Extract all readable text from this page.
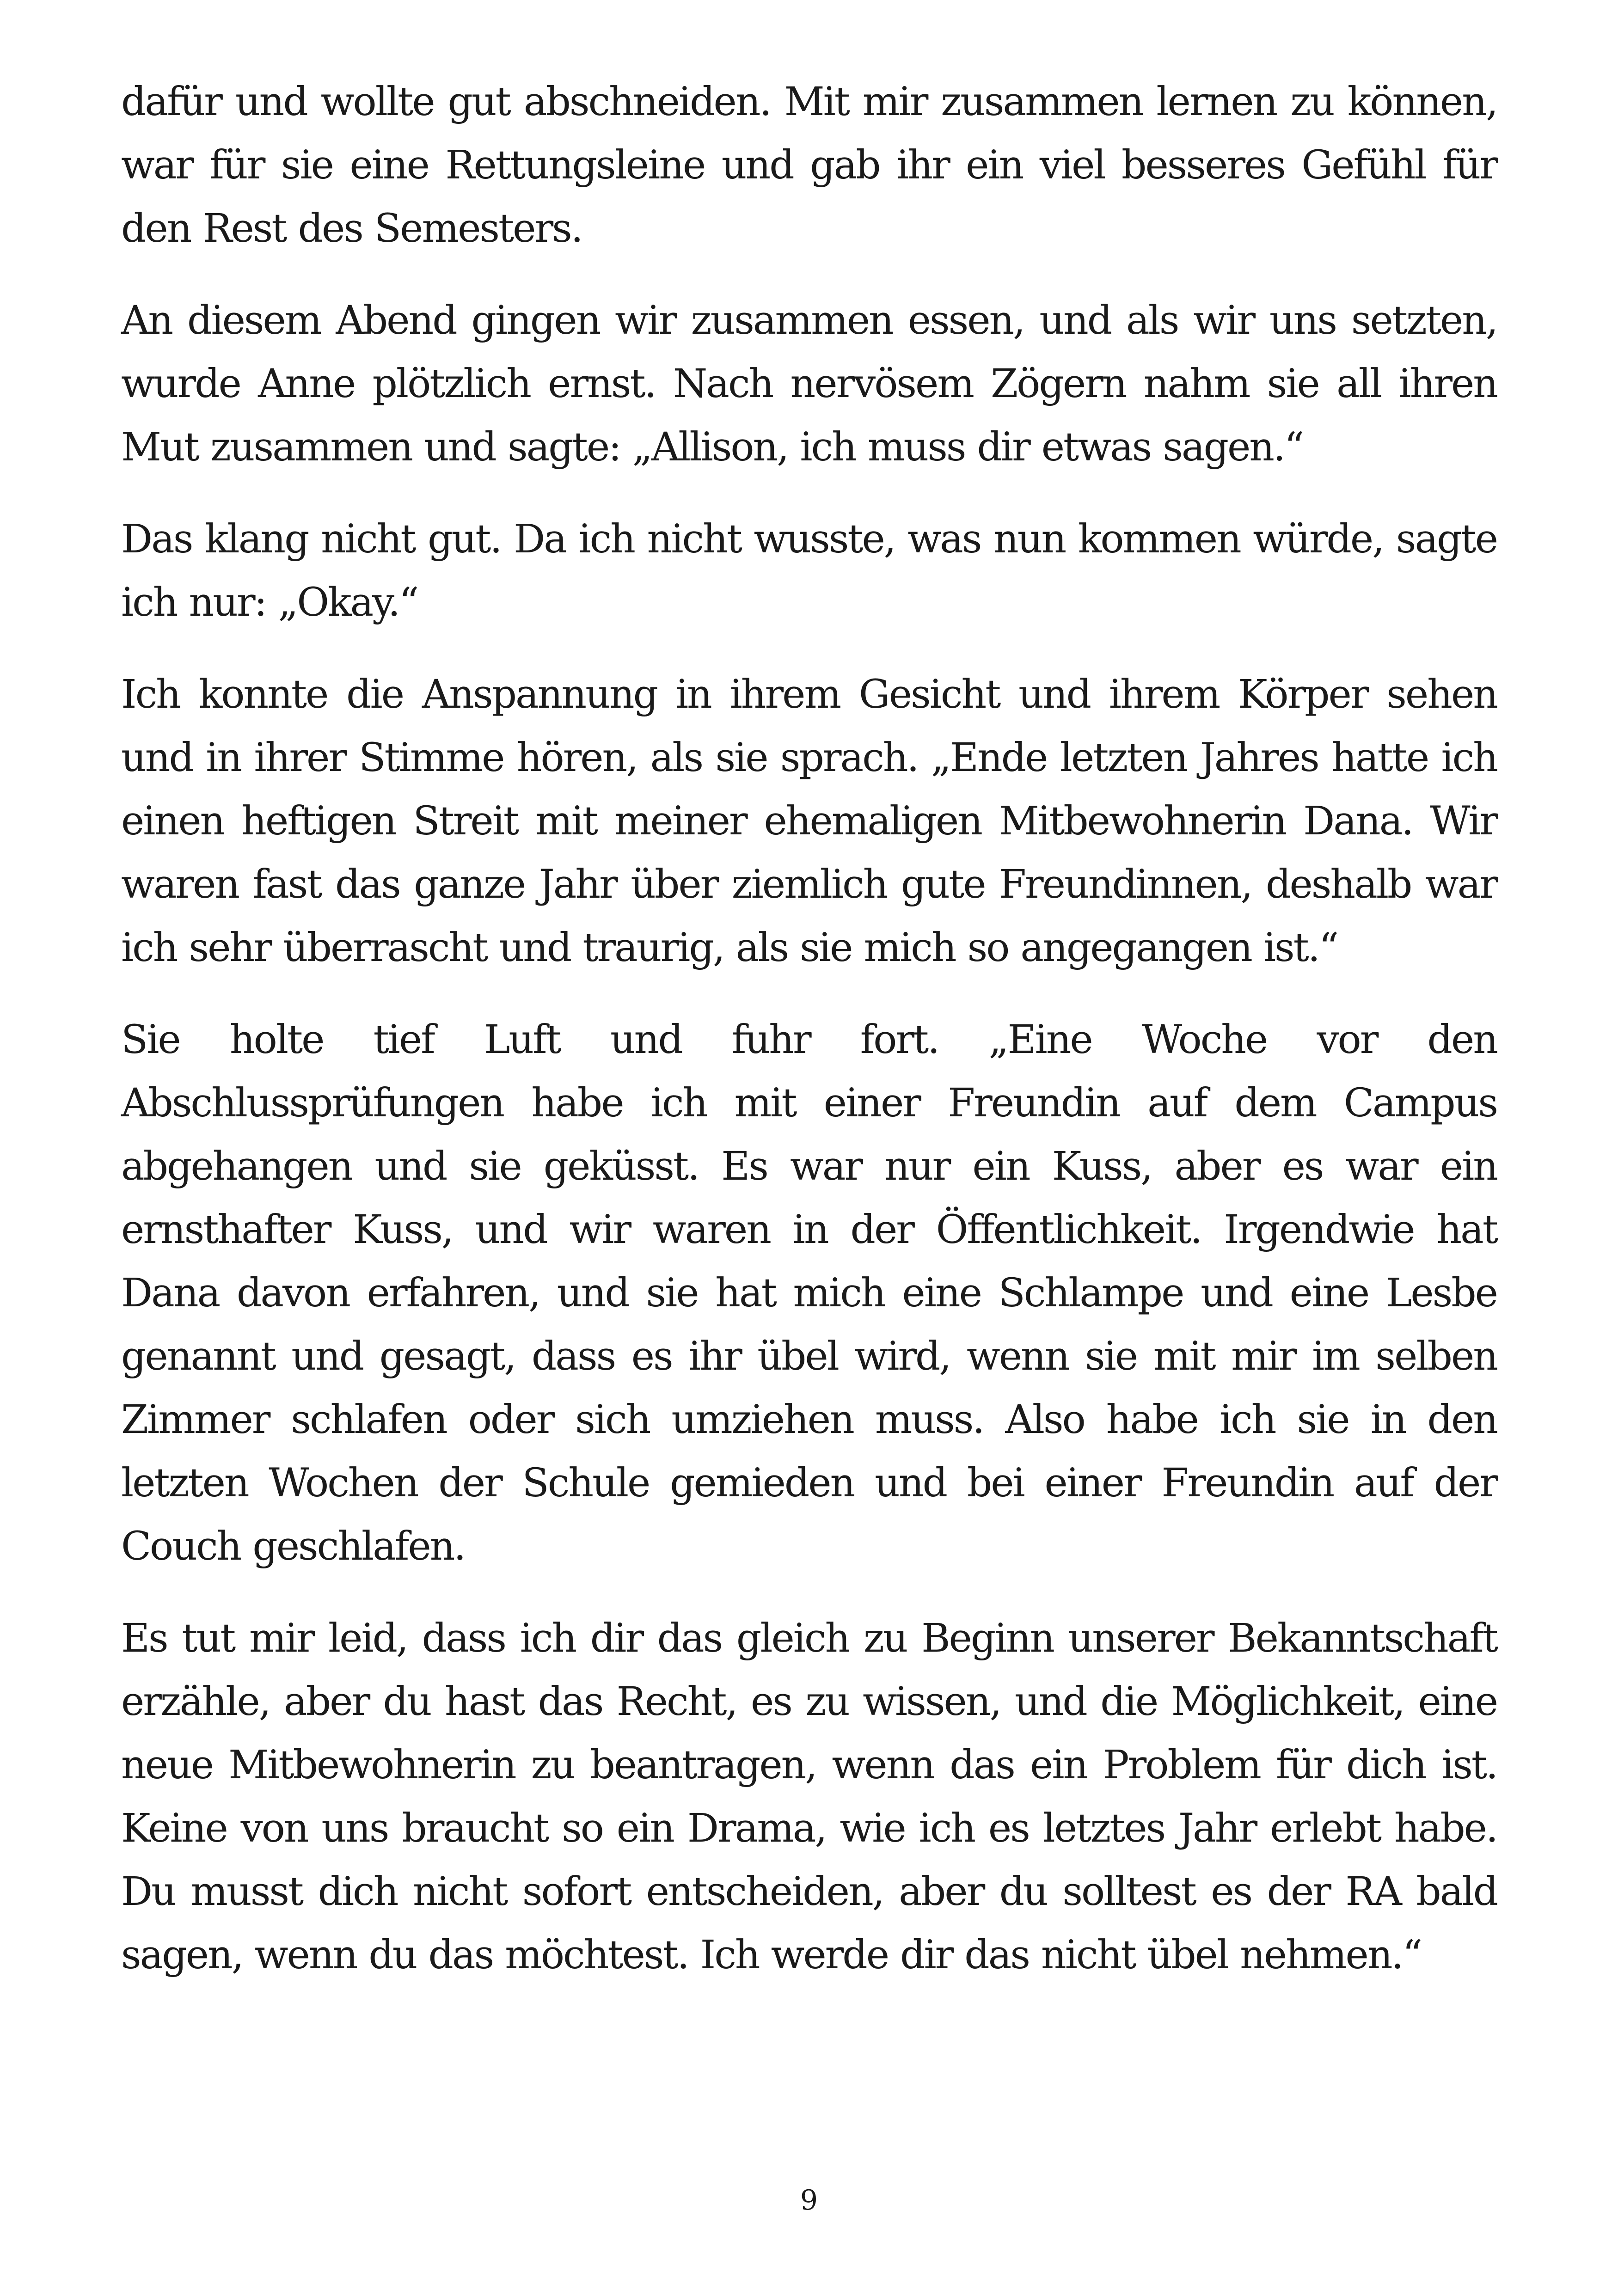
dafür und wollte gut abschneiden. Mit mir zusammen lernen zu können, war für sie eine Rettungsleine und gab ihr ein viel besseres Gefühl für den Rest des Semesters.

An diesem Abend gingen wir zusammen essen, und als wir uns setzten, wurde Anne plötzlich ernst. Nach nervösem Zögern nahm sie all ihren Mut zusammen und sagte: „Allison, ich muss dir etwas sagen.“

Das klang nicht gut. Da ich nicht wusste, was nun kommen würde, sagte ich nur: „Okay.“

Ich konnte die Anspannung in ihrem Gesicht und ihrem Körper sehen und in ihrer Stimme hören, als sie sprach. „Ende letzten Jahres hatte ich einen heftigen Streit mit meiner ehemaligen Mitbewohnerin Dana. Wir waren fast das ganze Jahr über ziemlich gute Freundinnen, deshalb war ich sehr überrascht und traurig, als sie mich so angegangen ist.“

Sie holte tief Luft und fuhr fort. „Eine Woche vor den Abschlussprüfungen habe ich mit einer Freundin auf dem Campus abgehangen und sie geküsst. Es war nur ein Kuss, aber es war ein ernsthafter Kuss, und wir waren in der Öffentlichkeit. Irgendwie hat Dana davon erfahren, und sie hat mich eine Schlampe und eine Lesbe genannt und gesagt, dass es ihr übel wird, wenn sie mit mir im selben Zimmer schlafen oder sich umziehen muss. Also habe ich sie in den letzten Wochen der Schule gemieden und bei einer Freundin auf der Couch geschlafen.

Es tut mir leid, dass ich dir das gleich zu Beginn unserer Bekanntschaft erzähle, aber du hast das Recht, es zu wissen, und die Möglichkeit, eine neue Mitbewohnerin zu beantragen, wenn das ein Problem für dich ist. Keine von uns braucht so ein Drama, wie ich es letztes Jahr erlebt habe. Du musst dich nicht sofort entscheiden, aber du solltest es der RA bald sagen, wenn du das möchtest. Ich werde dir das nicht übel nehmen.“

9
